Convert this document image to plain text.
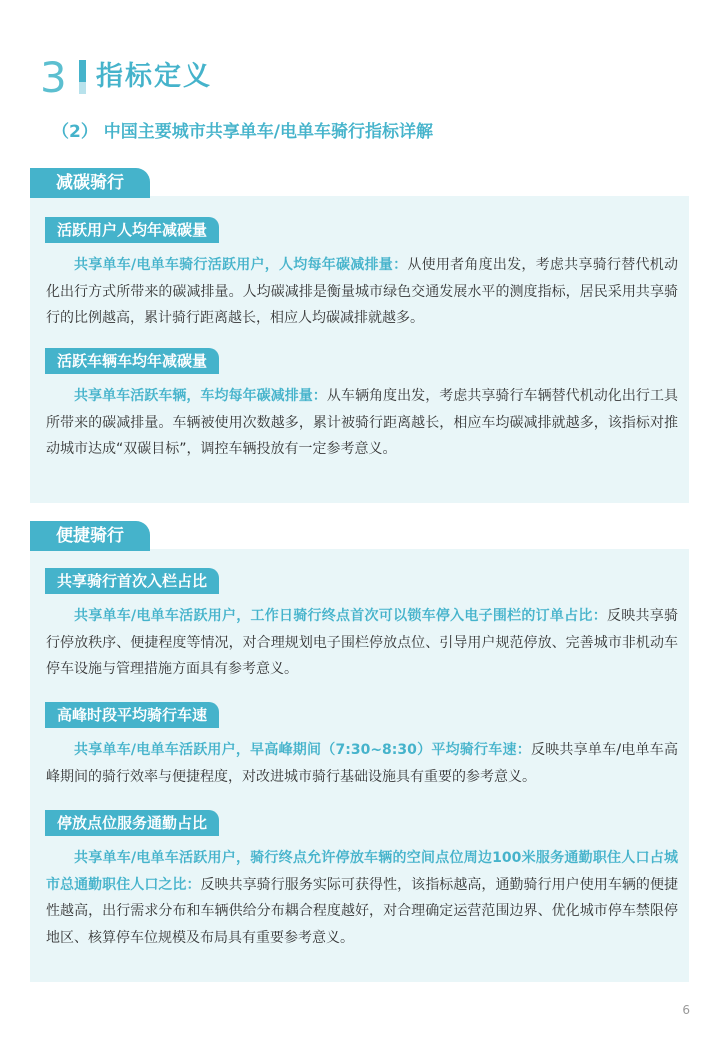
3 指标定义
（2） 中国主要城市共享单车/电单车骑行指标详解
减碳骑行
活跃用户人均年减碳量
共享单车/电单车骑行活跃用户，人均每年碳减排量：从使用者角度出发，考虑共享骑行替代机动化出行方式所带来的碳减排量。人均碳减排是衡量城市绿色交通发展水平的测度指标，居民采用共享骑行的比例越高，累计骑行距离越长，相应人均碳减排就越多。
活跃车辆车均年减碳量
共享单车活跃车辆，车均每年碳减排量：从车辆角度出发，考虑共享骑行车辆替代机动化出行工具所带来的碳减排量。车辆被使用次数越多，累计被骑行距离越长，相应车均碳减排就越多，该指标对推动城市达成“双碳目标”，调控车辆投放有一定参考意义。
便捷骑行
共享骑行首次入栏占比
共享单车/电单车活跃用户，工作日骑行终点首次可以锁车停入电子围栏的订单占比：反映共享骑行停放秩序、便捷程度等情况，对合理规划电子围栏停放点位、引导用户规范停放、完善城市非机动车停车设施与管理措施方面具有参考意义。
高峰时段平均骑行车速
共享单车/电单车活跃用户，早高峰期间（7:30~8:30）平均骑行车速：反映共享单车/电单车高峰期间的骑行效率与便捷程度，对改进城市骑行基础设施具有重要的参考意义。
停放点位服务通勤占比
共享单车/电单车活跃用户，骑行终点允许停放车辆的空间点位周边100米服务通勤职住人口占城市总通勤职住人口之比：反映共享骑行服务实际可获得性，该指标越高，通勤骑行用户使用车辆的便捷性越高，出行需求分布和车辆供给分布耦合程度越好，对合理确定运营范围边界、优化城市停车禁限停地区、核算停车位规模及布局具有重要参考意义。
6
